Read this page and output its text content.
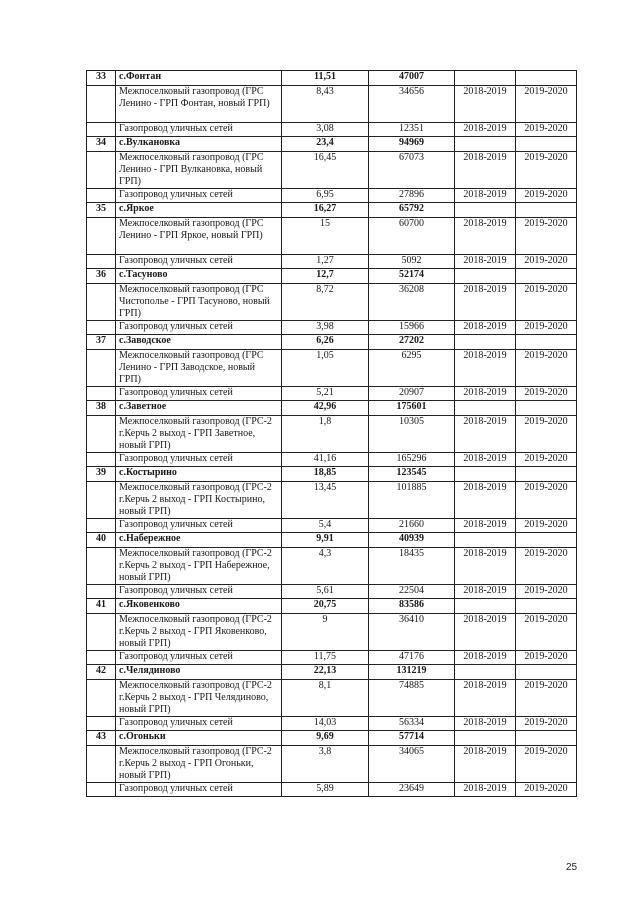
33	с.Фонтан	11,51	47007		
	Межпоселковый газопровод (ГРС Ленино - ГРП Фонтан, новый ГРП)	8,43	34656	2018-2019	2019-2020
	Газопровод уличных сетей	3,08	12351	2018-2019	2019-2020
34	с.Вулкановка	23,4	94969		
	Межпоселковый газопровод (ГРС Ленино - ГРП Вулкановка, новый ГРП)	16,45	67073	2018-2019	2019-2020
	Газопровод уличных сетей	6,95	27896	2018-2019	2019-2020
35	с.Яркое	16,27	65792		
	Межпоселковый газопровод (ГРС Ленино - ГРП Яркое, новый ГРП)	15	60700	2018-2019	2019-2020
	Газопровод уличных сетей	1,27	5092	2018-2019	2019-2020
36	с.Тасуново	12,7	52174		
	Межпоселковый газопровод (ГРС Чистополье - ГРП Тасуново, новый ГРП)	8,72	36208	2018-2019	2019-2020
	Газопровод уличных сетей	3,98	15966	2018-2019	2019-2020
37	с.Заводское	6,26	27202		
	Межпоселковый газопровод (ГРС Ленино - ГРП Заводское, новый ГРП)	1,05	6295	2018-2019	2019-2020
	Газопровод уличных сетей	5,21	20907	2018-2019	2019-2020
38	с.Заветное	42,96	175601		
	Межпоселковый газопровод (ГРС-2 г.Керчь 2 выход - ГРП Заветное, новый ГРП)	1,8	10305	2018-2019	2019-2020
	Газопровод уличных сетей	41,16	165296	2018-2019	2019-2020
39	с.Костырино	18,85	123545		
	Межпоселковый газопровод (ГРС-2 г.Керчь 2 выход - ГРП Костырино, новый ГРП)	13,45	101885	2018-2019	2019-2020
	Газопровод уличных сетей	5,4	21660	2018-2019	2019-2020
40	с.Набережное	9,91	40939		
	Межпоселковый газопровод (ГРС-2 г.Керчь 2 выход - ГРП Набережное, новый ГРП)	4,3	18435	2018-2019	2019-2020
	Газопровод уличных сетей	5,61	22504	2018-2019	2019-2020
41	с.Яковенково	20,75	83586		
	Межпоселковый газопровод (ГРС-2 г.Керчь 2 выход - ГРП Яковенково, новый ГРП)	9	36410	2018-2019	2019-2020
	Газопровод уличных сетей	11,75	47176	2018-2019	2019-2020
42	с.Челядиново	22,13	131219		
	Межпоселковый газопровод (ГРС-2 г.Керчь 2 выход - ГРП Челядиново, новый ГРП)	8,1	74885	2018-2019	2019-2020
	Газопровод уличных сетей	14,03	56334	2018-2019	2019-2020
43	с.Огоньки	9,69	57714		
	Межпоселковый газопровод (ГРС-2 г.Керчь 2 выход - ГРП Огоньки, новый ГРП)	3,8	34065	2018-2019	2019-2020
	Газопровод уличных сетей	5,89	23649	2018-2019	2019-2020
25
